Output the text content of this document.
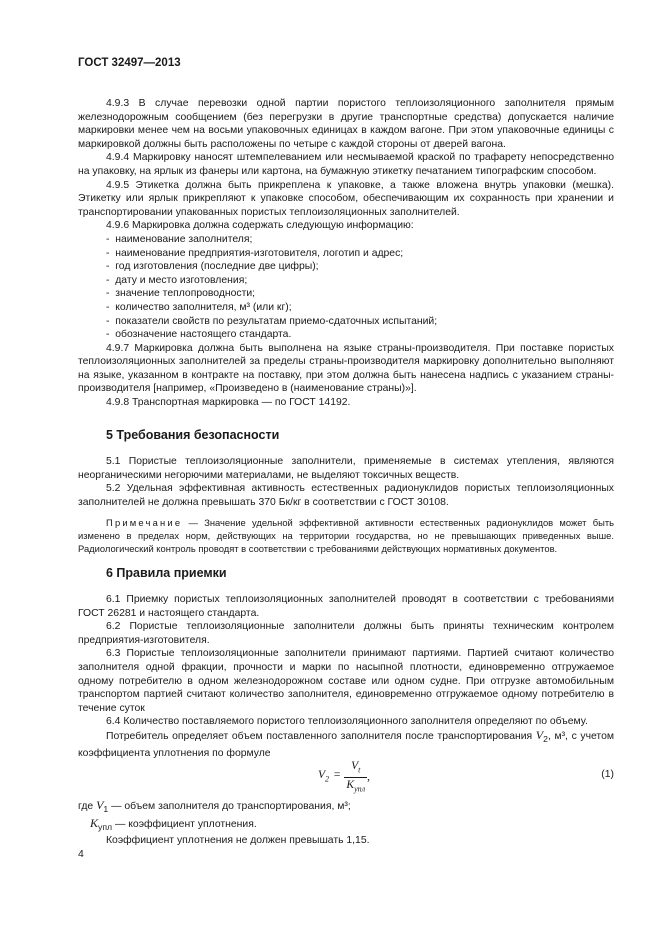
ГОСТ 32497—2013

4.9.3 В случае перевозки одной партии пористого теплоизоляционного заполнителя прямым железнодорожным сообщением (без перегрузки в другие транспортные средства) допускается наличие маркировки менее чем на восьми упаковочных единицах в каждом вагоне. При этом упаковочные единицы с маркировкой должны быть расположены по четыре с каждой стороны от дверей вагона.

4.9.4 Маркировку наносят штемпелеванием или несмываемой краской по трафарету непосредственно на упаковку, на ярлык из фанеры или картона, на бумажную этикетку печатанием типографским способом.

4.9.5 Этикетка должна быть прикреплена к упаковке, а также вложена внутрь упаковки (мешка). Этикетку или ярлык прикрепляют к упаковке способом, обеспечивающим их сохранность при хранении и транспортировании упакованных пористых теплоизоляционных заполнителей.

4.9.6 Маркировка должна содержать следующую информацию:

-  наименование заполнителя;

-  наименование предприятия-изготовителя, логотип и адрес;

-  год изготовления (последние две цифры);

-  дату и место изготовления;

-  значение теплопроводности;

-  количество заполнителя, м³ (или кг);

-  показатели свойств по результатам приемо-сдаточных испытаний;

-  обозначение настоящего стандарта.

4.9.7 Маркировка должна быть выполнена на языке страны-производителя. При поставке пористых теплоизоляционных заполнителей за пределы страны-производителя маркировку дополнительно выполняют на языке, указанном в контракте на поставку, при этом должна быть нанесена надпись с указанием страны-производителя [например, «Произведено в (наименование страны)»].

4.9.8 Транспортная маркировка — по ГОСТ 14192.

5 Требования безопасности

5.1 Пористые теплоизоляционные заполнители, применяемые в системах утепления, являются неорганическими негорючими материалами, не выделяют токсичных веществ.

5.2 Удельная эффективная активность естественных радионуклидов пористых теплоизоляционных заполнителей не должна превышать 370 Бк/кг в соответствии с ГОСТ 30108.

Примечание — Значение удельной эффективной активности естественных радионуклидов может быть изменено в пределах норм, действующих на территории государства, но не превышающих приведенных выше. Радиологический контроль проводят в соответствии с требованиями действующих нормативных документов.

6 Правила приемки

6.1 Приемку пористых теплоизоляционных заполнителей проводят в соответствии с требованиями ГОСТ 26281 и настоящего стандарта.

6.2 Пористые теплоизоляционные заполнители должны быть приняты техническим контролем предприятия-изготовителя.

6.3 Пористые теплоизоляционные заполнители принимают партиями. Партией считают количество заполнителя одной фракции, прочности и марки по насыпной плотности, единовременно отгружаемое одному потребителю в одном железнодорожном составе или одном судне. При отгрузке автомобильным транспортом партией считают количество заполнителя, единовременно отгружаемое одному потребителю в течение суток

6.4 Количество поставляемого пористого теплоизоляционного заполнителя определяют по объему.

Потребитель определяет объем поставленного заполнителя после транспортирования $V_2$, м³, с учетом коэффициента уплотнения по формуле

$V_2$ =	
$V_t$
$K_{упл}$
	,	(1)

где $V_1$ — объем заполнителя до транспортирования, м³;

$K_{упл}$ — коэффициент уплотнения.

Коэффициент уплотнения не должен превышать 1,15.

4
